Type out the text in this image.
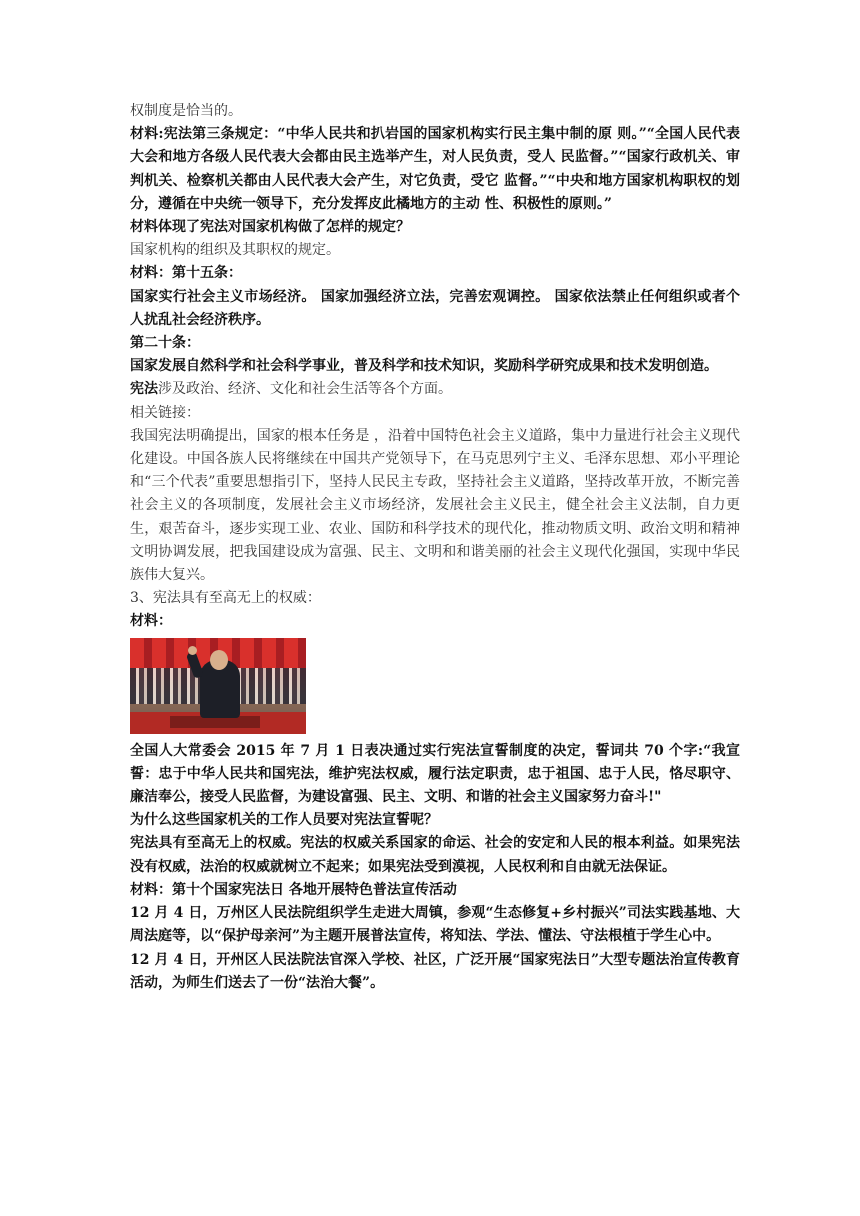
权制度是恰当的。

材料:宪法第三条规定：“中华人民共和扒岩国的国家机构实行民主集中制的原 则。”“全国人民代表大会和地方各级人民代表大会都由民主选举产生，对人民负责，受人 民监督。”“国家行政机关、审判机关、检察机关都由人民代表大会产生，对它负责，受它 监督。”“中央和地方国家机构职权的划分，遵循在中央统一领导下，充分发挥皮此橘地方的主动 性、积极性的原则。”

材料体现了宪法对国家机构做了怎样的规定？

国家机构的组织及其职权的规定。

材料：第十五条：

国家实行社会主义市场经济。 国家加强经济立法，完善宏观调控。 国家依法禁止任何组织或者个人扰乱社会经济秩序。

第二十条：

国家发展自然科学和社会科学事业，普及科学和技术知识，奖励科学研究成果和技术发明创造。

宪法涉及政治、经济、文化和社会生活等各个方面。

相关链接：

我国宪法明确提出，国家的根本任务是 ，沿着中国特色社会主义道路，集中力量进行社会主义现代化建设。中国各族人民将继续在中国共产党领导下，在马克思列宁主义、毛泽东思想、邓小平理论和“三个代表”重要思想指引下，坚持人民民主专政，坚持社会主义道路，坚持改革开放，不断完善社会主义的各项制度，发展社会主义市场经济，发展社会主义民主，健全社会主义法制，自力更生，艰苦奋斗，逐步实现工业、农业、国防和科学技术的现代化，推动物质文明、政治文明和精神文明协调发展，把我国建设成为富强、民主、文明和和谐美丽的社会主义现代化强国，实现中华民族伟大复兴。

3、宪法具有至高无上的权威：

材料：

全国人大常委会 2015 年 7 月 1 日表决通过实行宪法宣誓制度的决定，誓词共 70 个字:“我宣誓：忠于中华人民共和国宪法，维护宪法权威，履行法定职责，忠于祖国、忠于人民，恪尽职守、廉洁奉公，接受人民监督，为建设富强、民主、文明、和谐的社会主义国家努力奋斗!"

为什么这些国家机关的工作人员要对宪法宣誓呢？

宪法具有至高无上的权威。宪法的权威关系国家的命运、社会的安定和人民的根本利益。如果宪法没有权威，法治的权威就树立不起来；如果宪法受到漠视，人民权利和自由就无法保证。

材料：第十个国家宪法日 各地开展特色普法宣传活动

12 月 4 日，万州区人民法院组织学生走进大周镇，参观“生态修复+乡村振兴”司法实践基地、大周法庭等，以“保护母亲河”为主题开展普法宣传，将知法、学法、懂法、守法根植于学生心中。

12 月 4 日，开州区人民法院法官深入学校、社区，广泛开展“国家宪法日”大型专题法治宣传教育活动，为师生们送去了一份“法治大餐”。
